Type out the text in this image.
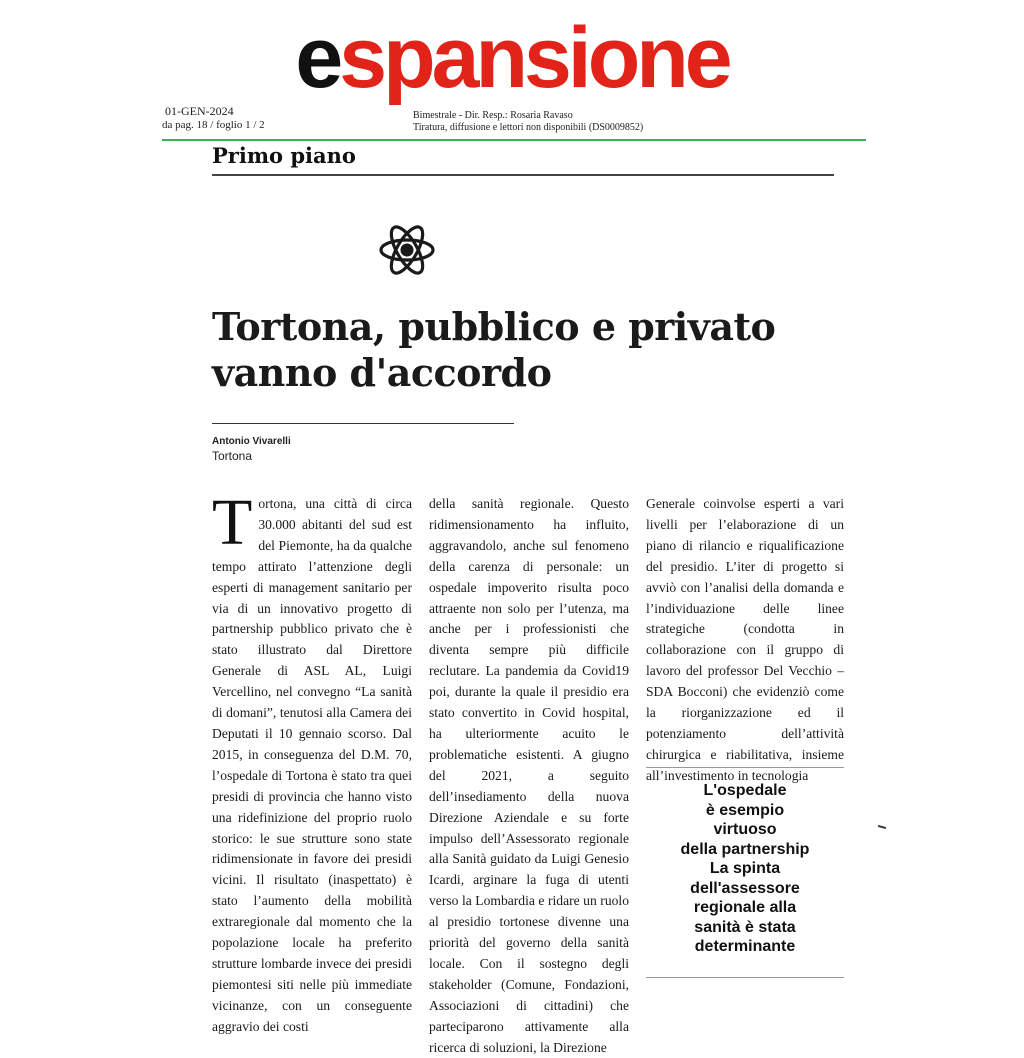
espansione
01-GEN-2024
da pag. 18 / foglio 1 / 2
Bimestrale - Dir. Resp.: Rosaria Ravaso
Tiratura, diffusione e lettori non disponibili (DS0009852)
Primo piano
Tortona, pubblico e privato
vanno d'accordo
Antonio Vivarelli
Tortona
T ortona, una città di circa 30.000 abitanti del sud est del Piemonte, ha da qualche tempo attirato l’attenzione degli esperti di management sanitario per via di un innovativo progetto di partnership pubblico privato che è stato illustrato dal Direttore Generale di ASL AL, Luigi Vercellino, nel convegno “La sanità di domani”, tenutosi alla Camera dei Deputati il 10 gennaio scorso. Dal 2015, in conseguenza del D.M. 70, l’ospedale di Tortona è stato tra quei presidi di provincia che hanno visto una ridefinizione del proprio ruolo storico: le sue strutture sono state ridimensionate in favore dei presidi vicini. Il risultato (inaspettato) è stato l’aumento della mobilità extraregionale dal momento che la popolazione locale ha preferito strutture lombarde invece dei presidi piemontesi siti nelle più immediate vicinanze, con un conseguente aggravio dei costi
della sanità regionale. Questo ridimensionamento ha influito, aggravandolo, anche sul fenomeno della carenza di personale: un ospedale impoverito risulta poco attraente non solo per l’utenza, ma anche per i professionisti che diventa sempre più difficile reclutare. La pandemia da Covid19 poi, durante la quale il presidio era stato convertito in Covid hospital, ha ulteriormente acuito le problematiche esistenti. A giugno del 2021, a seguito dell’insediamento della nuova Direzione Aziendale e su forte impulso dell’Assessorato regionale alla Sanità guidato da Luigi Genesio Icardi, arginare la fuga di utenti verso la Lombardia e ridare un ruolo al presidio tortonese divenne una priorità del governo della sanità locale. Con il sostegno degli stakeholder (Comune, Fondazioni, Associazioni di cittadini) che parteciparono attivamente alla ricerca di soluzioni, la Direzione
Generale coinvolse esperti a vari livelli per l’elaborazione di un piano di rilancio e riqualificazione del presidio. L’iter di progetto si avviò con l’analisi della domanda e l’individuazione delle linee strategiche (condotta in collaborazione con il gruppo di lavoro del professor Del Vecchio – SDA Bocconi) che evidenziò come la riorganizzazione ed il potenziamento dell’attività chirurgica e riabilitativa, insieme all’investimento in tecnologia
L'ospedale
è esempio
virtuoso
della partnership
La spinta
dell'assessore
regionale alla
sanità è stata
determinante
